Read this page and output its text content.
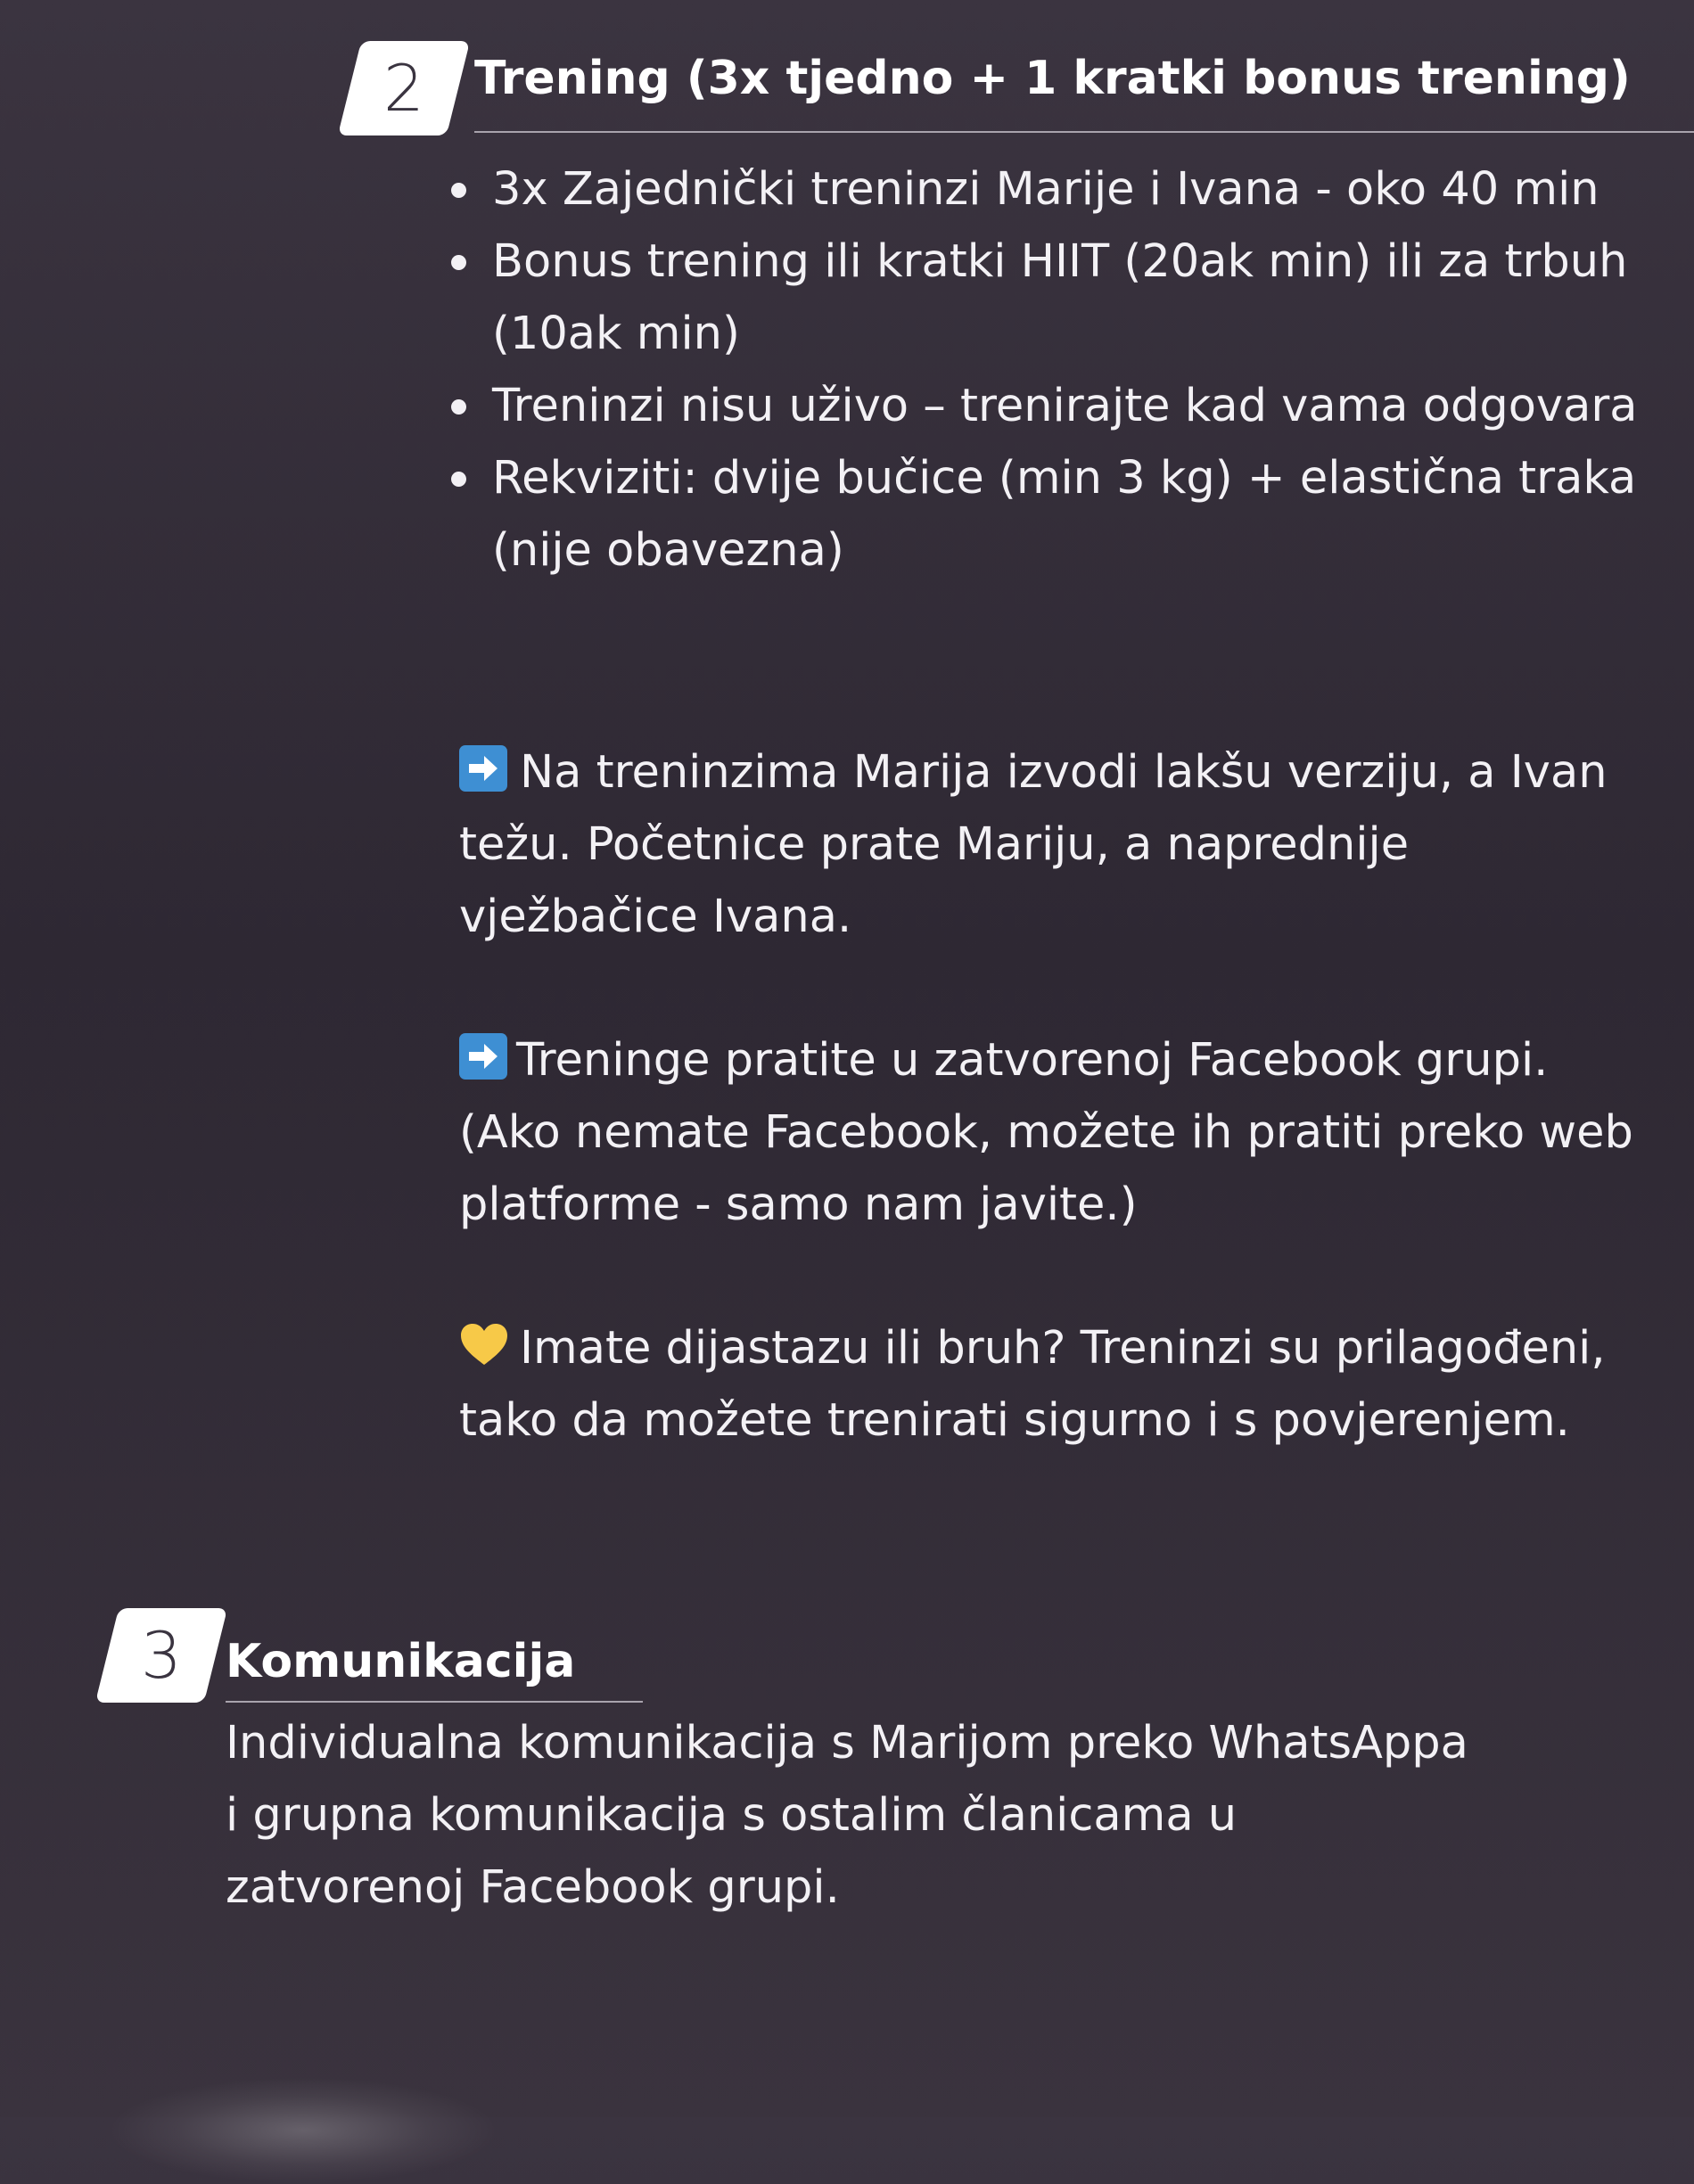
2 Trening (3x tjedno + 1 kratki bonus trening)
3x Zajednički treninzi Marije i Ivana - oko 40 min
Bonus trening ili kratki HIIT (20ak min) ili za trbuh (10ak min)
Treninzi nisu uživo – trenirajte kad vama odgovara
Rekviziti: dvije bučice (min 3 kg) + elastična traka (nije obavezna)

Na treninzima Marija izvodi lakšu verziju, a Ivan težu. Početnice prate Mariju, a naprednije vježbačice Ivana.

Treninge pratite u zatvorenoj Facebook grupi. (Ako nemate Facebook, možete ih pratiti preko web platforme - samo nam javite.)

Imate dijastazu ili bruh? Treninzi su prilagođeni, tako da možete trenirati sigurno i s povjerenjem.

3 Komunikacija

Individualna komunikacija s Marijom preko WhatsAppa i grupna komunikacija s ostalim članicama u zatvorenoj Facebook grupi.
